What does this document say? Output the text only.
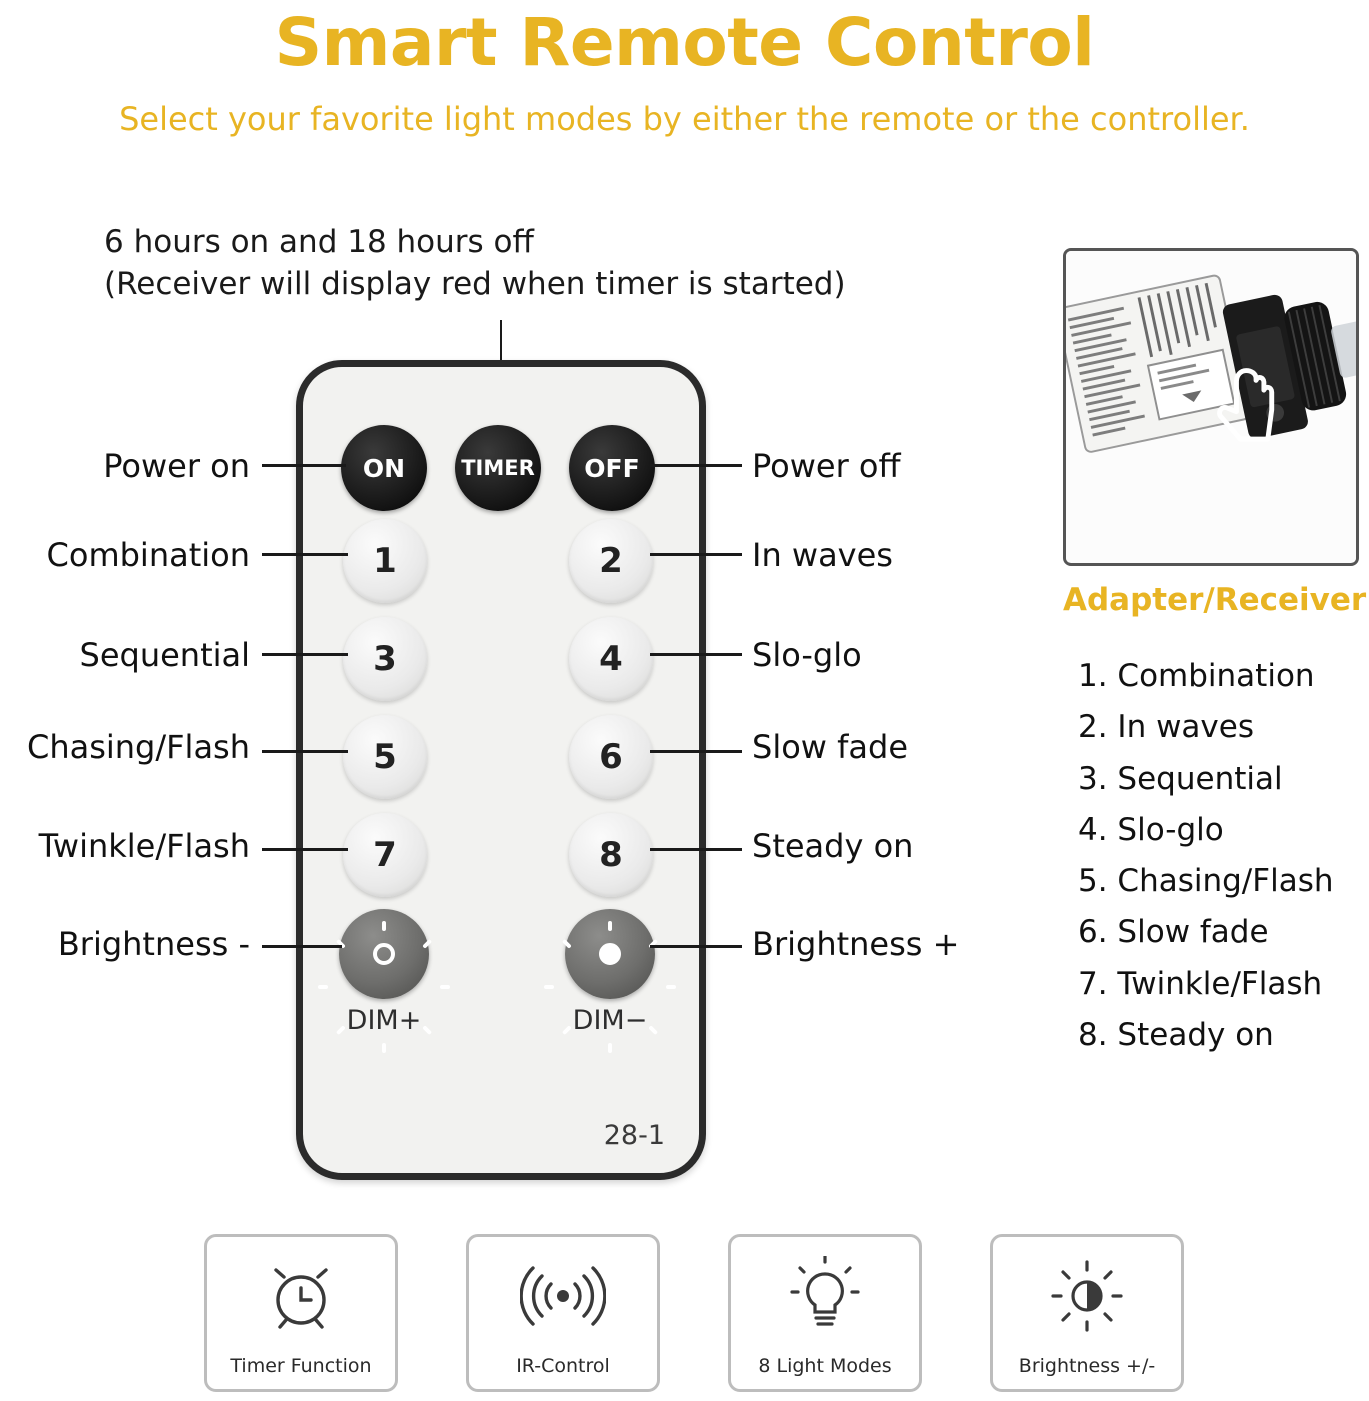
Smart Remote Control
Select your favorite light modes by either the remote or the controller.
6 hours on and 18 hours off
(Receiver will display red when timer is started)
ON	TIMER OFF
1	2
3	4
5	6
7	8
DIM+	DIM−
28-1
Power on
Combination
Sequential
Chasing/Flash
Twinkle/Flash
Brightness -
Power off
In waves
Slo-glo
Slow fade
Steady on
Brightness +
Adapter/Receiver
1. Combination
2. In waves
3. Sequential
4. Slo-glo
5. Chasing/Flash
6. Slow fade
7. Twinkle/Flash
8. Steady on
Timer Function	IR-Control	8 Light Modes	Brightness +/-
